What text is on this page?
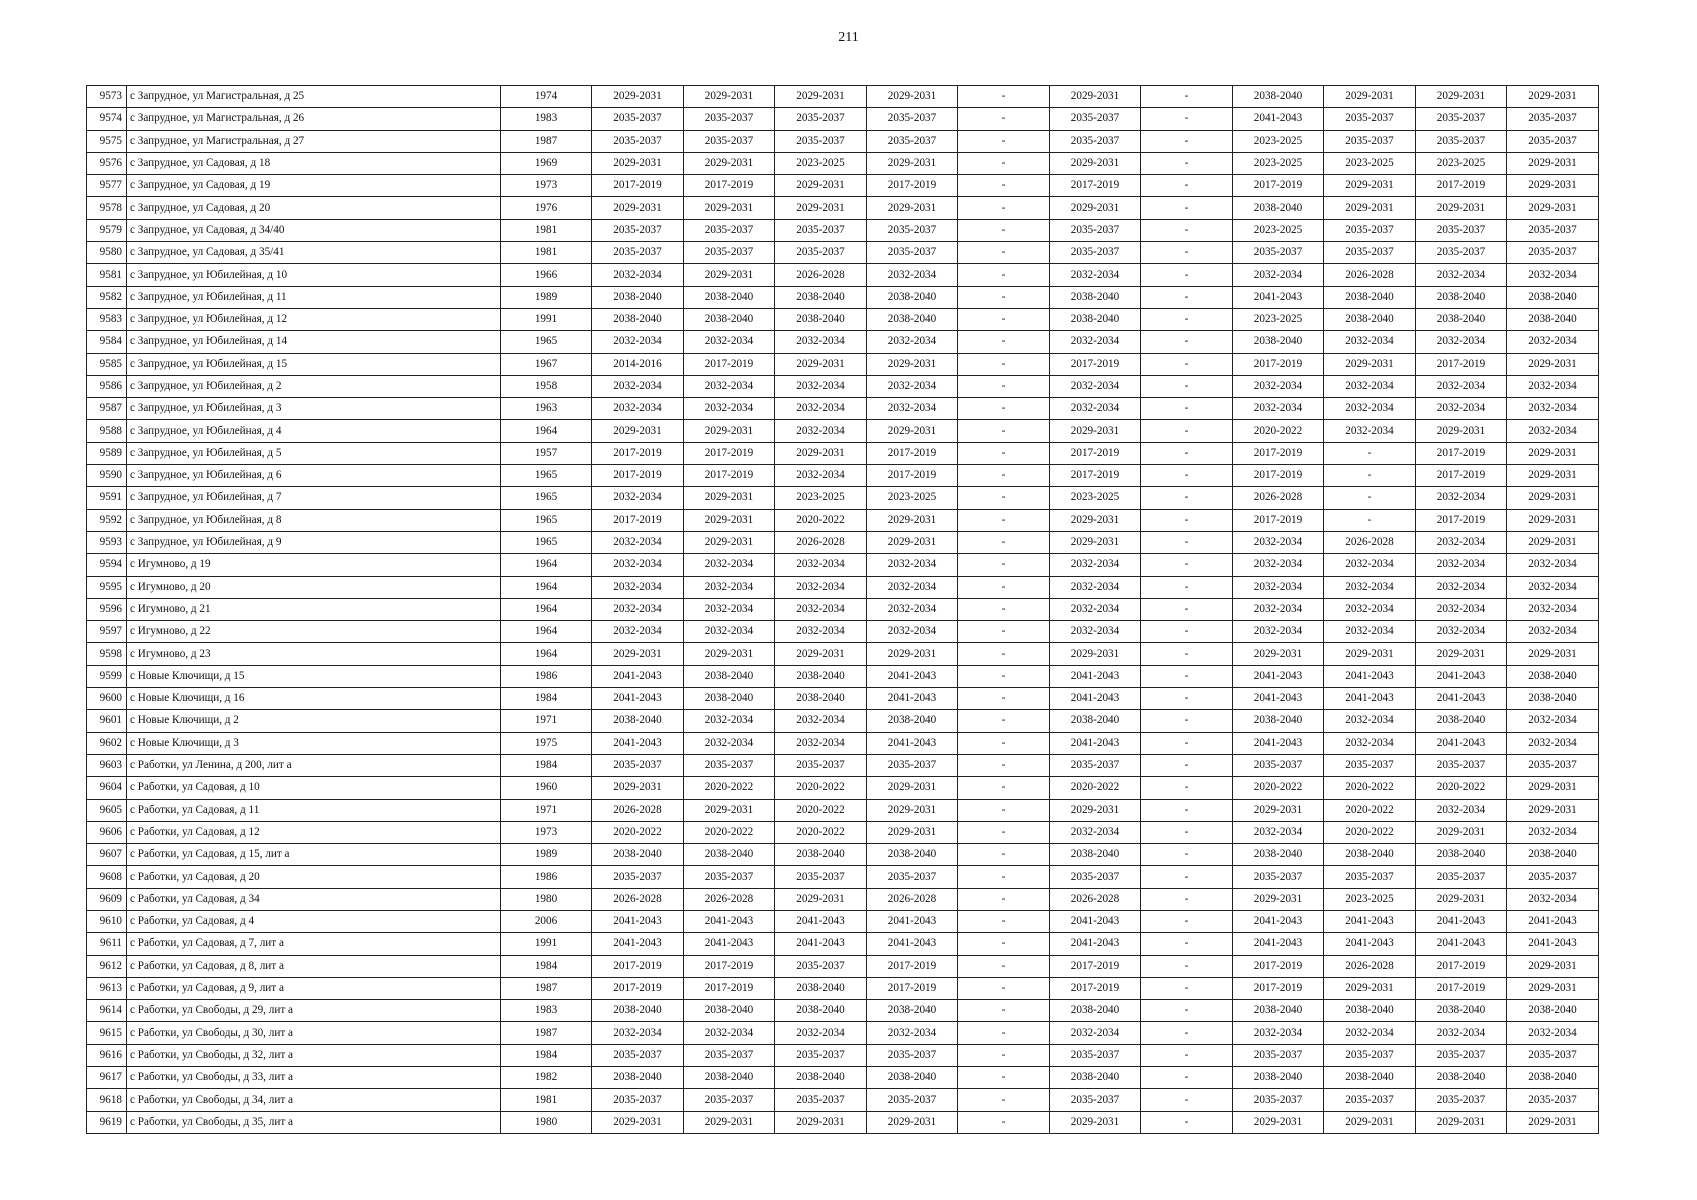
211
9573	с Запрудное, ул Магистральная, д 25	1974	2029-2031	2029-2031	2029-2031	2029-2031	-	2029-2031	-	2038-2040	2029-2031	2029-2031	2029-2031
9574	с Запрудное, ул Магистральная, д 26	1983	2035-2037	2035-2037	2035-2037	2035-2037	-	2035-2037	-	2041-2043	2035-2037	2035-2037	2035-2037
9575	с Запрудное, ул Магистральная, д 27	1987	2035-2037	2035-2037	2035-2037	2035-2037	-	2035-2037	-	2023-2025	2035-2037	2035-2037	2035-2037
9576	с Запрудное, ул Садовая, д 18	1969	2029-2031	2029-2031	2023-2025	2029-2031	-	2029-2031	-	2023-2025	2023-2025	2023-2025	2029-2031
9577	с Запрудное, ул Садовая, д 19	1973	2017-2019	2017-2019	2029-2031	2017-2019	-	2017-2019	-	2017-2019	2029-2031	2017-2019	2029-2031
9578	с Запрудное, ул Садовая, д 20	1976	2029-2031	2029-2031	2029-2031	2029-2031	-	2029-2031	-	2038-2040	2029-2031	2029-2031	2029-2031
9579	с Запрудное, ул Садовая, д 34/40	1981	2035-2037	2035-2037	2035-2037	2035-2037	-	2035-2037	-	2023-2025	2035-2037	2035-2037	2035-2037
9580	с Запрудное, ул Садовая, д 35/41	1981	2035-2037	2035-2037	2035-2037	2035-2037	-	2035-2037	-	2035-2037	2035-2037	2035-2037	2035-2037
9581	с Запрудное, ул Юбилейная, д 10	1966	2032-2034	2029-2031	2026-2028	2032-2034	-	2032-2034	-	2032-2034	2026-2028	2032-2034	2032-2034
9582	с Запрудное, ул Юбилейная, д 11	1989	2038-2040	2038-2040	2038-2040	2038-2040	-	2038-2040	-	2041-2043	2038-2040	2038-2040	2038-2040
9583	с Запрудное, ул Юбилейная, д 12	1991	2038-2040	2038-2040	2038-2040	2038-2040	-	2038-2040	-	2023-2025	2038-2040	2038-2040	2038-2040
9584	с Запрудное, ул Юбилейная, д 14	1965	2032-2034	2032-2034	2032-2034	2032-2034	-	2032-2034	-	2038-2040	2032-2034	2032-2034	2032-2034
9585	с Запрудное, ул Юбилейная, д 15	1967	2014-2016	2017-2019	2029-2031	2029-2031	-	2017-2019	-	2017-2019	2029-2031	2017-2019	2029-2031
9586	с Запрудное, ул Юбилейная, д 2	1958	2032-2034	2032-2034	2032-2034	2032-2034	-	2032-2034	-	2032-2034	2032-2034	2032-2034	2032-2034
9587	с Запрудное, ул Юбилейная, д 3	1963	2032-2034	2032-2034	2032-2034	2032-2034	-	2032-2034	-	2032-2034	2032-2034	2032-2034	2032-2034
9588	с Запрудное, ул Юбилейная, д 4	1964	2029-2031	2029-2031	2032-2034	2029-2031	-	2029-2031	-	2020-2022	2032-2034	2029-2031	2032-2034
9589	с Запрудное, ул Юбилейная, д 5	1957	2017-2019	2017-2019	2029-2031	2017-2019	-	2017-2019	-	2017-2019	-	2017-2019	2029-2031
9590	с Запрудное, ул Юбилейная, д 6	1965	2017-2019	2017-2019	2032-2034	2017-2019	-	2017-2019	-	2017-2019	-	2017-2019	2029-2031
9591	с Запрудное, ул Юбилейная, д 7	1965	2032-2034	2029-2031	2023-2025	2023-2025	-	2023-2025	-	2026-2028	-	2032-2034	2029-2031
9592	с Запрудное, ул Юбилейная, д 8	1965	2017-2019	2029-2031	2020-2022	2029-2031	-	2029-2031	-	2017-2019	-	2017-2019	2029-2031
9593	с Запрудное, ул Юбилейная, д 9	1965	2032-2034	2029-2031	2026-2028	2029-2031	-	2029-2031	-	2032-2034	2026-2028	2032-2034	2029-2031
9594	с Игумново, д 19	1964	2032-2034	2032-2034	2032-2034	2032-2034	-	2032-2034	-	2032-2034	2032-2034	2032-2034	2032-2034
9595	с Игумново, д 20	1964	2032-2034	2032-2034	2032-2034	2032-2034	-	2032-2034	-	2032-2034	2032-2034	2032-2034	2032-2034
9596	с Игумново, д 21	1964	2032-2034	2032-2034	2032-2034	2032-2034	-	2032-2034	-	2032-2034	2032-2034	2032-2034	2032-2034
9597	с Игумново, д 22	1964	2032-2034	2032-2034	2032-2034	2032-2034	-	2032-2034	-	2032-2034	2032-2034	2032-2034	2032-2034
9598	с Игумново, д 23	1964	2029-2031	2029-2031	2029-2031	2029-2031	-	2029-2031	-	2029-2031	2029-2031	2029-2031	2029-2031
9599	с Новые Ключищи, д 15	1986	2041-2043	2038-2040	2038-2040	2041-2043	-	2041-2043	-	2041-2043	2041-2043	2041-2043	2038-2040
9600	с Новые Ключищи, д 16	1984	2041-2043	2038-2040	2038-2040	2041-2043	-	2041-2043	-	2041-2043	2041-2043	2041-2043	2038-2040
9601	с Новые Ключищи, д 2	1971	2038-2040	2032-2034	2032-2034	2038-2040	-	2038-2040	-	2038-2040	2032-2034	2038-2040	2032-2034
9602	с Новые Ключищи, д 3	1975	2041-2043	2032-2034	2032-2034	2041-2043	-	2041-2043	-	2041-2043	2032-2034	2041-2043	2032-2034
9603	с Работки, ул Ленина, д 200, лит а	1984	2035-2037	2035-2037	2035-2037	2035-2037	-	2035-2037	-	2035-2037	2035-2037	2035-2037	2035-2037
9604	с Работки, ул Садовая, д 10	1960	2029-2031	2020-2022	2020-2022	2029-2031	-	2020-2022	-	2020-2022	2020-2022	2020-2022	2029-2031
9605	с Работки, ул Садовая, д 11	1971	2026-2028	2029-2031	2020-2022	2029-2031	-	2029-2031	-	2029-2031	2020-2022	2032-2034	2029-2031
9606	с Работки, ул Садовая, д 12	1973	2020-2022	2020-2022	2020-2022	2029-2031	-	2032-2034	-	2032-2034	2020-2022	2029-2031	2032-2034
9607	с Работки, ул Садовая, д 15, лит а	1989	2038-2040	2038-2040	2038-2040	2038-2040	-	2038-2040	-	2038-2040	2038-2040	2038-2040	2038-2040
9608	с Работки, ул Садовая, д 20	1986	2035-2037	2035-2037	2035-2037	2035-2037	-	2035-2037	-	2035-2037	2035-2037	2035-2037	2035-2037
9609	с Работки, ул Садовая, д 34	1980	2026-2028	2026-2028	2029-2031	2026-2028	-	2026-2028	-	2029-2031	2023-2025	2029-2031	2032-2034
9610	с Работки, ул Садовая, д 4	2006	2041-2043	2041-2043	2041-2043	2041-2043	-	2041-2043	-	2041-2043	2041-2043	2041-2043	2041-2043
9611	с Работки, ул Садовая, д 7, лит а	1991	2041-2043	2041-2043	2041-2043	2041-2043	-	2041-2043	-	2041-2043	2041-2043	2041-2043	2041-2043
9612	с Работки, ул Садовая, д 8, лит а	1984	2017-2019	2017-2019	2035-2037	2017-2019	-	2017-2019	-	2017-2019	2026-2028	2017-2019	2029-2031
9613	с Работки, ул Садовая, д 9, лит а	1987	2017-2019	2017-2019	2038-2040	2017-2019	-	2017-2019	-	2017-2019	2029-2031	2017-2019	2029-2031
9614	с Работки, ул Свободы, д 29, лит а	1983	2038-2040	2038-2040	2038-2040	2038-2040	-	2038-2040	-	2038-2040	2038-2040	2038-2040	2038-2040
9615	с Работки, ул Свободы, д 30, лит а	1987	2032-2034	2032-2034	2032-2034	2032-2034	-	2032-2034	-	2032-2034	2032-2034	2032-2034	2032-2034
9616	с Работки, ул Свободы, д 32, лит а	1984	2035-2037	2035-2037	2035-2037	2035-2037	-	2035-2037	-	2035-2037	2035-2037	2035-2037	2035-2037
9617	с Работки, ул Свободы, д 33, лит а	1982	2038-2040	2038-2040	2038-2040	2038-2040	-	2038-2040	-	2038-2040	2038-2040	2038-2040	2038-2040
9618	с Работки, ул Свободы, д 34, лит а	1981	2035-2037	2035-2037	2035-2037	2035-2037	-	2035-2037	-	2035-2037	2035-2037	2035-2037	2035-2037
9619	с Работки, ул Свободы, д 35, лит а	1980	2029-2031	2029-2031	2029-2031	2029-2031	-	2029-2031	-	2029-2031	2029-2031	2029-2031	2029-2031
